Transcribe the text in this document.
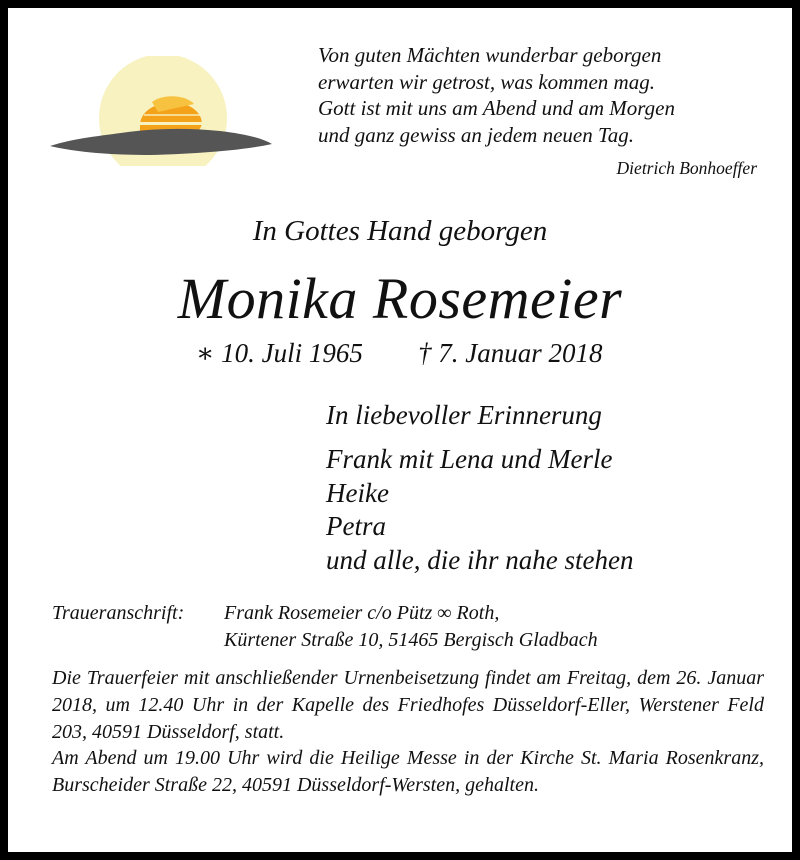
Von guten Mächten wunderbar geborgen
erwarten wir getrost, was kommen mag.
Gott ist mit uns am Abend und am Morgen
und ganz gewiss an jedem neuen Tag.
Dietrich Bonhoeffer
In Gottes Hand geborgen
Monika Rosemeier
∗ 10. Juli 1965 † 7. Januar 2018
In liebevoller Erinnerung
Frank mit Lena und Merle
Heike
Petra
und alle, die ihr nahe stehen
Traueranschrift: Frank Rosemeier c/o Pütz ∞ Roth,
Kürtener Straße 10, 51465 Bergisch Gladbach

Die Trauerfeier mit anschließender Urnenbeisetzung findet am Freitag, dem 26. Januar 2018, um 12.40 Uhr in der Kapelle des Friedhofes Düsseldorf-Eller, Werstener Feld 203, 40591 Düsseldorf, statt.

Am Abend um 19.00 Uhr wird die Heilige Messe in der Kirche St. Maria Rosenkranz, Burscheider Straße 22, 40591 Düsseldorf-Wersten, gehalten.
